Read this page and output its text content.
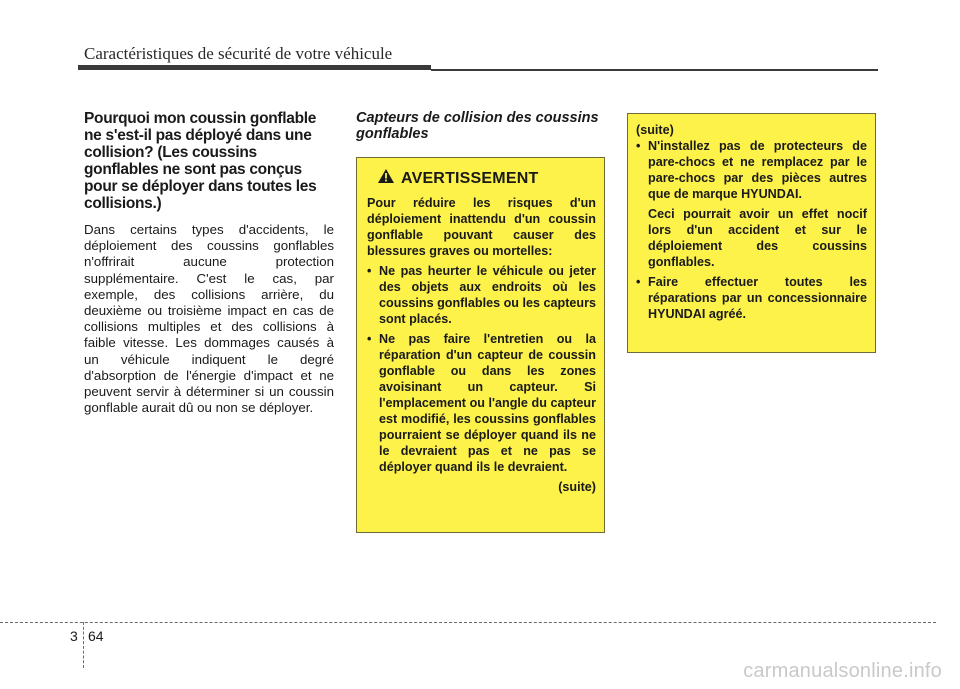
Caractéristiques de sécurité de votre véhicule
Pourquoi mon coussin gonflable ne s'est-il pas déployé dans une collision? (Les coussins gonflables ne sont pas conçus pour se déployer dans toutes les collisions.)

Dans certains types d'accidents, le déploiement des coussins gonflables n'offrirait aucune protection supplémentaire. C'est le cas, par exemple, des collisions arrière, du deuxième ou troisième impact en cas de collisions multiples et des collisions à faible vitesse. Les dommages causés à un véhicule indiquent le degré d'absorption de l'énergie d'impact et ne peuvent servir à déterminer si un coussin gonflable aurait dû ou non se déployer.

Capteurs de collision des coussins gonflables
AVERTISSEMENT

Pour réduire les risques d'un déploiement inattendu d'un coussin gonflable pouvant causer des blessures graves ou mortelles:

• Ne pas heurter le véhicule ou jeter des objets aux endroits où les coussins gonflables ou les capteurs sont placés.
• Ne pas faire l'entretien ou la réparation d'un capteur de coussin gonflable ou dans les zones avoisinant un capteur. Si l'emplacement ou l'angle du capteur est modifié, les coussins gonflables pourraient se déployer quand ils ne le devraient pas et ne pas se déployer quand ils le devraient.
(suite)
(suite)
• N'installez pas de protecteurs de pare-chocs et ne remplacez par le pare-chocs par des pièces autres que de marque HYUNDAI.

Ceci pourrait avoir un effet nocif lors d'un accident et sur le déploiement des coussins gonflables.

• Faire effectuer toutes les réparations par un concessionnaire HYUNDAI agréé.
3 64
carmanualsonline.info
